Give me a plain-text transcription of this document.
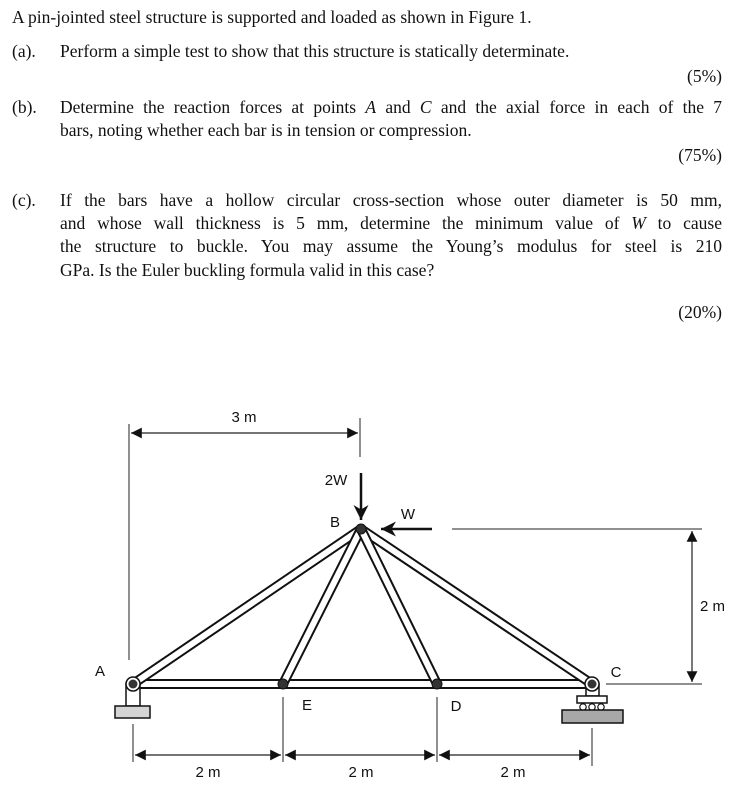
A pin-jointed steel structure is supported and loaded as shown in Figure 1.
(a). Perform a simple test to show that this structure is statically determinate.
(5%)
(b). Determine the reaction forces at points A and C and the axial force in each of the 7
bars, noting whether each bar is in tension or compression.
(75%)
(c). If the bars have a hollow circular cross-section whose outer diameter is 50 mm,
and whose wall thickness is 5 mm, determine the minimum value of W to cause
the structure to buckle. You may assume the Young’s modulus for steel is 210
GPa. Is the Euler buckling formula valid in this case?
(20%)
3 m
2 m
2 m	2 m	2 m
2W
W
A
B
C
D
E
